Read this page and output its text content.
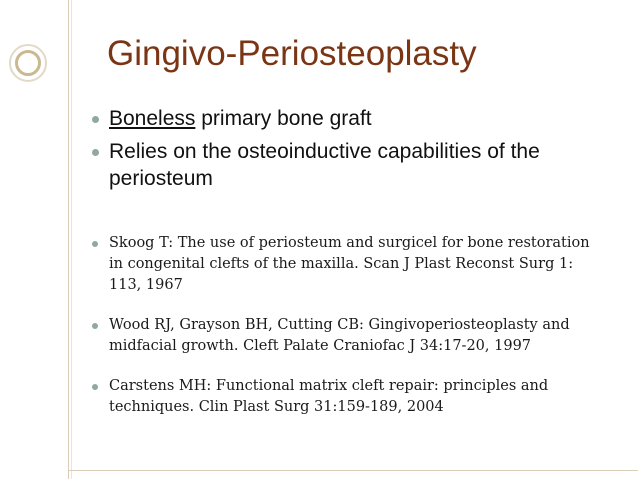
Gingivo-Periosteoplasty
Boneless primary bone graft
Relies on the osteoinductive capabilities of the periosteum
Skoog T: The use of periosteum and surgicel for bone restoration in congenital clefts of the maxilla. Scan J Plast Reconst Surg 1: 113, 1967
Wood RJ, Grayson BH, Cutting CB: Gingivoperiosteoplasty and midfacial growth. Cleft Palate Craniofac J 34:17-20, 1997
Carstens MH: Functional matrix cleft repair: principles and techniques. Clin Plast Surg 31:159-189, 2004
